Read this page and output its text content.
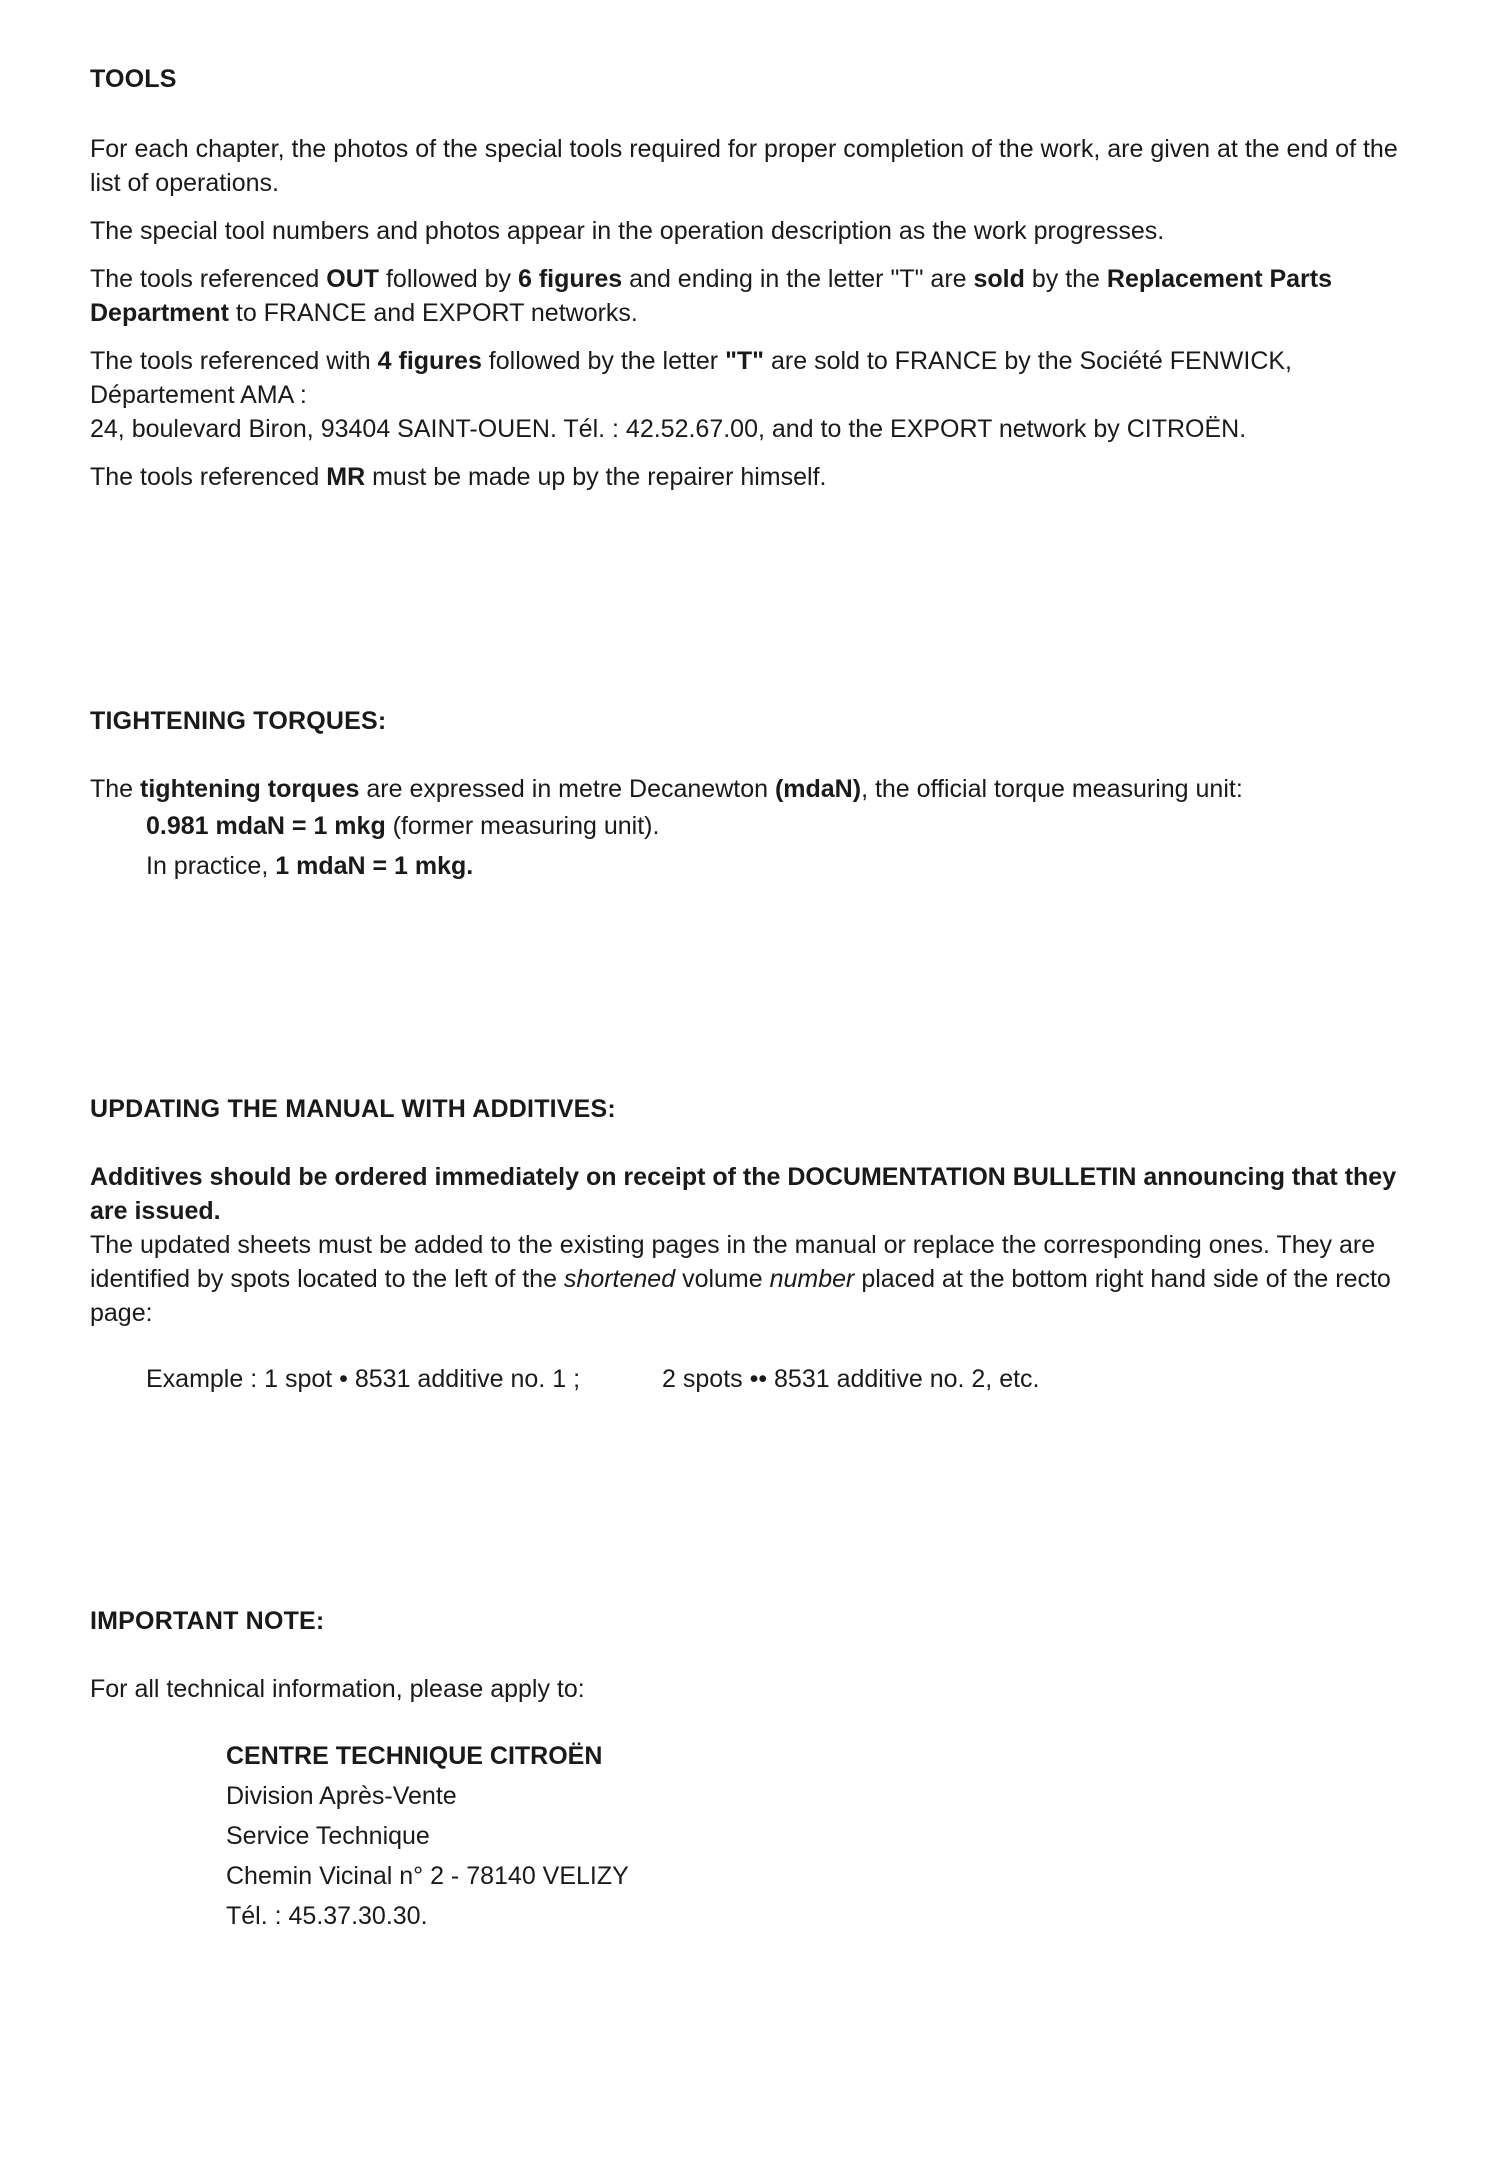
TOOLS

For each chapter, the photos of the special tools required for proper completion of the work, are given at the end of the list of operations.

The special tool numbers and photos appear in the operation description as the work progresses.

The tools referenced OUT followed by 6 figures and ending in the letter "T" are sold by the Replacement Parts Department to FRANCE and EXPORT networks.

The tools referenced with 4 figures followed by the letter "T" are sold to FRANCE by the Société FENWICK, Département AMA :

24, boulevard Biron, 93404 SAINT-OUEN. Tél. : 42.52.67.00, and to the EXPORT network by CITROËN.

The tools referenced MR must be made up by the repairer himself.

TIGHTENING TORQUES:

The tightening torques are expressed in metre Decanewton (mdaN), the official torque measuring unit:

0.981 mdaN = 1 mkg (former measuring unit).

In practice, 1 mdaN = 1 mkg.

UPDATING THE MANUAL WITH ADDITIVES:

Additives should be ordered immediately on receipt of the DOCUMENTATION BULLETIN announcing that they are issued.

The updated sheets must be added to the existing pages in the manual or replace the corresponding ones. They are identified by spots located to the left of the shortened volume number placed at the bottom right hand side of the recto page:

Example : 1 spot • 8531 additive no. 1 ;	2 spots •• 8531 additive no. 2, etc.
IMPORTANT NOTE:

For all technical information, please apply to:

CENTRE TECHNIQUE CITROËN

Division Après-Vente

Service Technique

Chemin Vicinal n° 2 - 78140 VELIZY

Tél. : 45.37.30.30.
